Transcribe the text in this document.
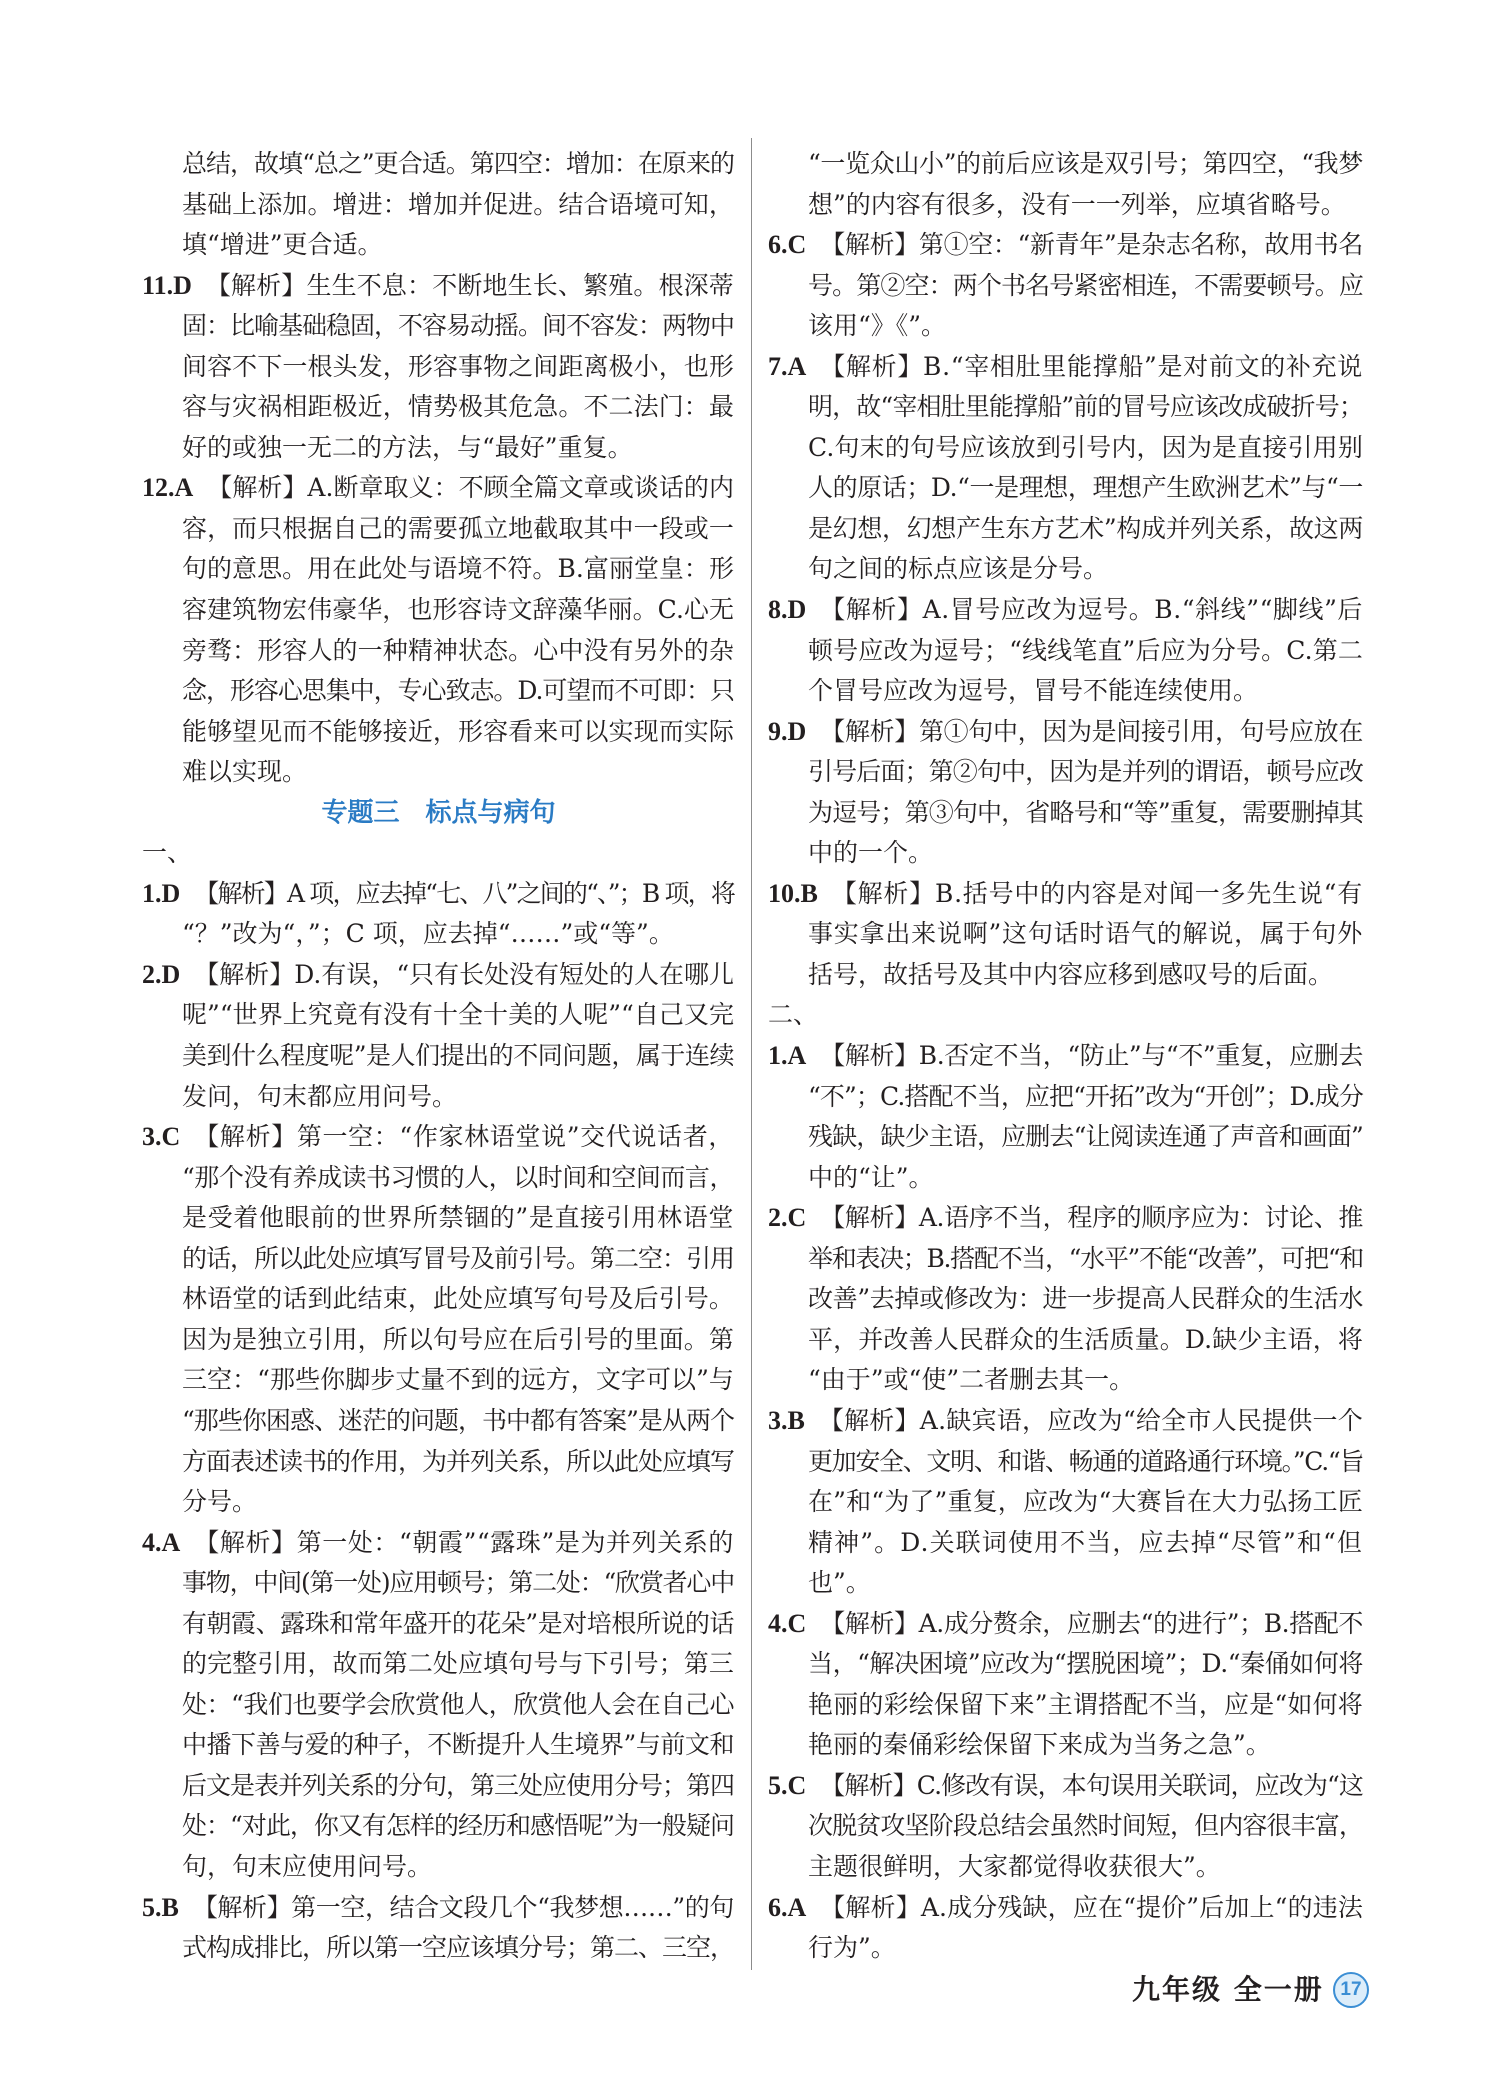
总结，故填“总之”更合适。第四空：增加：在原来的
基础上添加。增进：增加并促进。结合语境可知，
填“增进”更合适。
11.D 【解析】生生不息：不断地生长、繁殖。根深蒂
固：比喻基础稳固，不容易动摇。间不容发：两物中
间容不下一根头发，形容事物之间距离极小，也形
容与灾祸相距极近，情势极其危急。不二法门：最
好的或独一无二的方法，与“最好”重复。
12.A 【解析】A.断章取义：不顾全篇文章或谈话的内
容，而只根据自己的需要孤立地截取其中一段或一
句的意思。用在此处与语境不符。B.富丽堂皇：形
容建筑物宏伟豪华，也形容诗文辞藻华丽。C.心无
旁骛：形容人的一种精神状态。心中没有另外的杂
念，形容心思集中，专心致志。D.可望而不可即：只
能够望见而不能够接近，形容看来可以实现而实际
难以实现。
专题三　标点与病句
一、
1.D 【解析】A 项，应去掉“七、八”之间的“、”；B 项，将
“？”改为“，”；C 项，应去掉“……”或“等”。
2.D 【解析】D.有误，“只有长处没有短处的人在哪儿
呢”“世界上究竟有没有十全十美的人呢”“自己又完
美到什么程度呢”是人们提出的不同问题，属于连续
发问，句末都应用问号。
3.C 【解析】第一空：“作家林语堂说”交代说话者，
“那个没有养成读书习惯的人，以时间和空间而言，
是受着他眼前的世界所禁锢的”是直接引用林语堂
的话，所以此处应填写冒号及前引号。第二空：引用
林语堂的话到此结束，此处应填写句号及后引号。
因为是独立引用，所以句号应在后引号的里面。第
三空：“那些你脚步丈量不到的远方，文字可以”与
“那些你困惑、迷茫的问题，书中都有答案”是从两个
方面表述读书的作用，为并列关系，所以此处应填写
分号。
4.A 【解析】第一处：“朝霞”“露珠”是为并列关系的
事物，中间(第一处)应用顿号；第二处：“欣赏者心中
有朝霞、露珠和常年盛开的花朵”是对培根所说的话
的完整引用，故而第二处应填句号与下引号；第三
处：“我们也要学会欣赏他人，欣赏他人会在自己心
中播下善与爱的种子，不断提升人生境界”与前文和
后文是表并列关系的分句，第三处应使用分号；第四
处：“对此，你又有怎样的经历和感悟呢”为一般疑问
句，句末应使用问号。
5.B 【解析】第一空，结合文段几个“我梦想……”的句
式构成排比，所以第一空应该填分号；第二、三空，
“一览众山小”的前后应该是双引号；第四空，“我梦
想”的内容有很多，没有一一列举，应填省略号。
6.C 【解析】第①空：“新青年”是杂志名称，故用书名
号。第②空：两个书名号紧密相连，不需要顿号。应
该用“》《”。
7.A 【解析】B.“宰相肚里能撑船”是对前文的补充说
明，故“宰相肚里能撑船”前的冒号应该改成破折号；
C.句末的句号应该放到引号内，因为是直接引用别
人的原话；D.“一是理想，理想产生欧洲艺术”与“一
是幻想，幻想产生东方艺术”构成并列关系，故这两
句之间的标点应该是分号。
8.D 【解析】A.冒号应改为逗号。B.“斜线”“脚线”后
顿号应改为逗号；“线线笔直”后应为分号。C.第二
个冒号应改为逗号，冒号不能连续使用。
9.D 【解析】第①句中，因为是间接引用，句号应放在
引号后面；第②句中，因为是并列的谓语，顿号应改
为逗号；第③句中，省略号和“等”重复，需要删掉其
中的一个。
10.B 【解析】B.括号中的内容是对闻一多先生说“有
事实拿出来说啊”这句话时语气的解说，属于句外
括号，故括号及其中内容应移到感叹号的后面。
二、
1.A 【解析】B.否定不当，“防止”与“不”重复，应删去
“不”；C.搭配不当，应把“开拓”改为“开创”；D.成分
残缺，缺少主语，应删去“让阅读连通了声音和画面”
中的“让”。
2.C 【解析】A.语序不当，程序的顺序应为：讨论、推
举和表决；B.搭配不当，“水平”不能“改善”，可把“和
改善”去掉或修改为：进一步提高人民群众的生活水
平，并改善人民群众的生活质量。D.缺少主语，将
“由于”或“使”二者删去其一。
3.B 【解析】A.缺宾语，应改为“给全市人民提供一个
更加安全、文明、和谐、畅通的道路通行环境。”C.“旨
在”和“为了”重复，应改为“大赛旨在大力弘扬工匠
精神”。D.关联词使用不当，应去掉“尽管”和“但
也”。
4.C 【解析】A.成分赘余，应删去“的进行”；B.搭配不
当，“解决困境”应改为“摆脱困境”；D.“秦俑如何将
艳丽的彩绘保留下来”主谓搭配不当，应是“如何将
艳丽的秦俑彩绘保留下来成为当务之急”。
5.C 【解析】C.修改有误，本句误用关联词，应改为“这
次脱贫攻坚阶段总结会虽然时间短，但内容很丰富，
主题很鲜明，大家都觉得收获很大”。
6.A 【解析】A.成分残缺，应在“提价”后加上“的违法
行为”。
九年级 全一册 17
